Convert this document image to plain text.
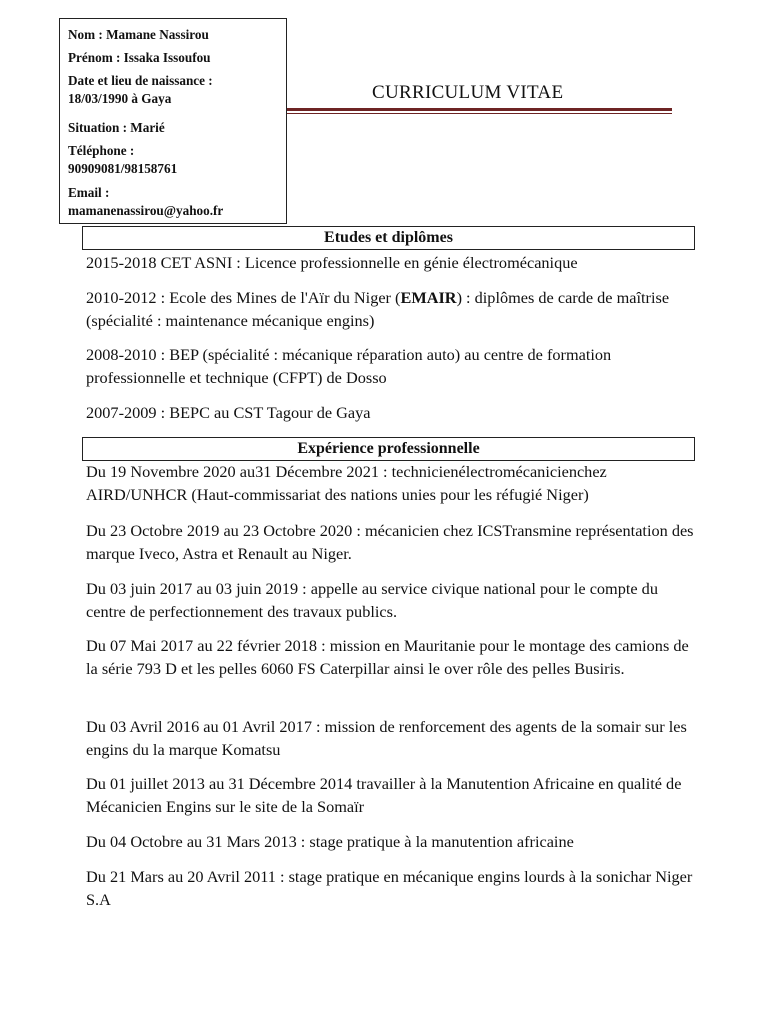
Nom : Mamane Nassirou
Prénom : Issaka Issoufou
Date et lieu de naissance :
18/03/1990 à Gaya
Situation : Marié
Téléphone :
90909081/98158761
Email :
mamanenassirou@yahoo.fr
CURRICULUM VITAE
Etudes et diplômes
2015-2018 CET ASNI : Licence professionnelle en génie électromécanique
2010-2012 : Ecole des Mines de l'Aïr du Niger (EMAIR) : diplômes de carde de maîtrise (spécialité : maintenance mécanique engins)
2008-2010 : BEP (spécialité : mécanique réparation auto) au centre de formation professionnelle et technique (CFPT) de Dosso
2007-2009 : BEPC au CST Tagour de Gaya
Expérience professionnelle
Du 19 Novembre 2020 au31 Décembre 2021 : technicienélectromécanicienchez AIRD/UNHCR (Haut-commissariat des nations unies pour les réfugié Niger)
Du 23 Octobre 2019 au 23 Octobre 2020 : mécanicien chez ICSTransmine représentation des marque Iveco, Astra et Renault au Niger.
Du 03 juin 2017 au 03 juin 2019 : appelle au service civique national pour le compte du centre de perfectionnement des travaux publics.
Du 07 Mai 2017 au 22 février 2018 : mission en Mauritanie pour le montage des camions de la série 793 D et les pelles 6060 FS Caterpillar ainsi le over rôle des pelles Busiris.
Du 03 Avril 2016 au 01 Avril 2017 : mission de renforcement des agents de la somair sur les engins du la marque Komatsu
Du 01 juillet 2013 au 31 Décembre 2014 travailler à la Manutention Africaine en qualité de Mécanicien Engins sur le site de la Somaïr
Du 04 Octobre au 31 Mars 2013 : stage pratique à la manutention africaine
Du 21 Mars au 20 Avril 2011 : stage pratique en mécanique engins lourds à la sonichar Niger S.A
